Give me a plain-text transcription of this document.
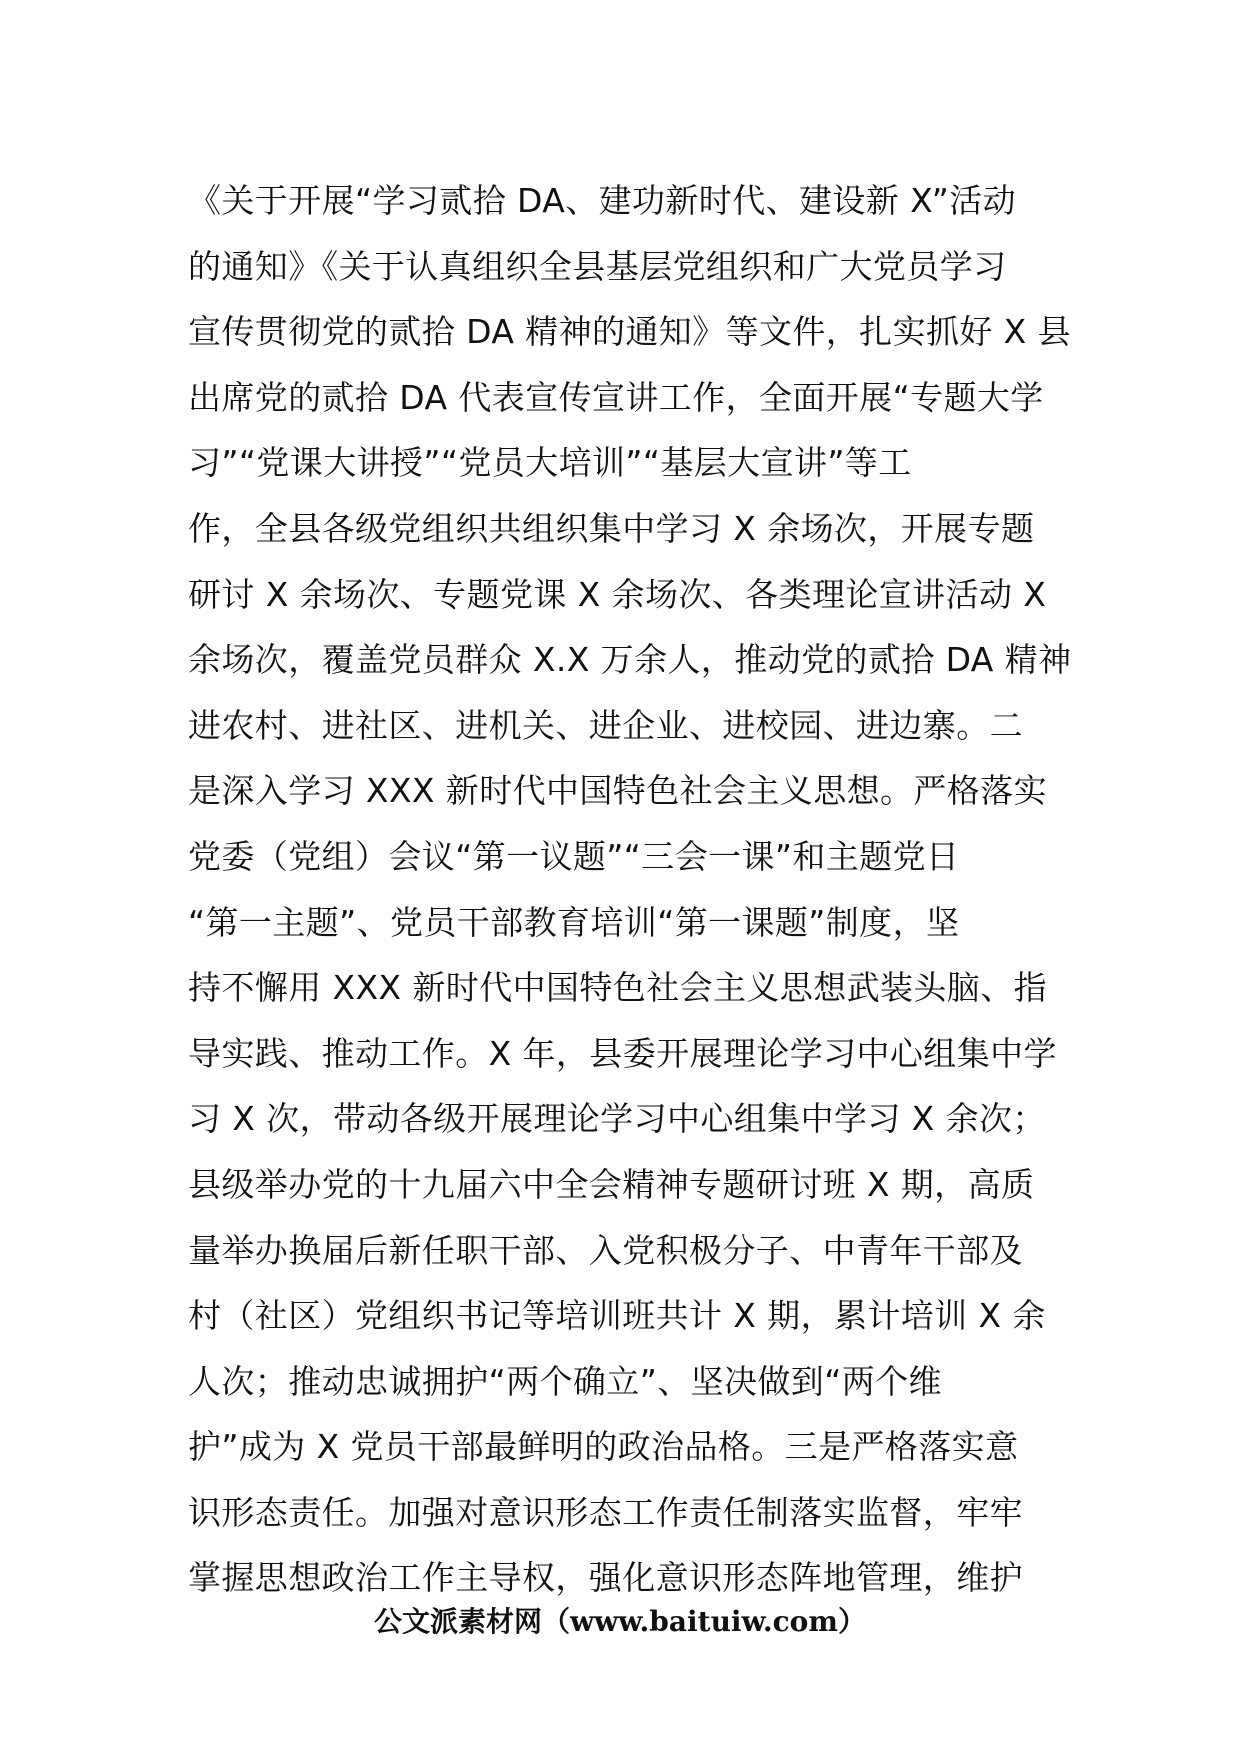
《关于开展“学习贰拾 DA、建功新时代、建设新 X”活动
的通知》《关于认真组织全县基层党组织和广大党员学习
宣传贯彻党的贰拾 DA 精神的通知》等文件，扎实抓好 X 县
出席党的贰拾 DA 代表宣传宣讲工作，全面开展“专题大学
习”“党课大讲授”“党员大培训”“基层大宣讲”等工
作，全县各级党组织共组织集中学习 X 余场次，开展专题
研讨 X 余场次、专题党课 X 余场次、各类理论宣讲活动 X
余场次，覆盖党员群众 X.X 万余人，推动党的贰拾 DA 精神
进农村、进社区、进机关、进企业、进校园、进边寨。二
是深入学习 XXX 新时代中国特色社会主义思想。严格落实
党委（党组）会议“第一议题”“三会一课”和主题党日
“第一主题”、党员干部教育培训“第一课题”制度，坚
持不懈用 XXX 新时代中国特色社会主义思想武装头脑、指
导实践、推动工作。X 年，县委开展理论学习中心组集中学
习 X 次，带动各级开展理论学习中心组集中学习 X 余次；
县级举办党的十九届六中全会精神专题研讨班 X 期，高质
量举办换届后新任职干部、入党积极分子、中青年干部及
村（社区）党组织书记等培训班共计 X 期，累计培训 X 余
人次；推动忠诚拥护“两个确立”、坚决做到“两个维
护”成为 X 党员干部最鲜明的政治品格。三是严格落实意
识形态责任。加强对意识形态工作责任制落实监督，牢牢
掌握思想政治工作主导权，强化意识形态阵地管理，维护
公文派素材网（www.baituiw.com）
